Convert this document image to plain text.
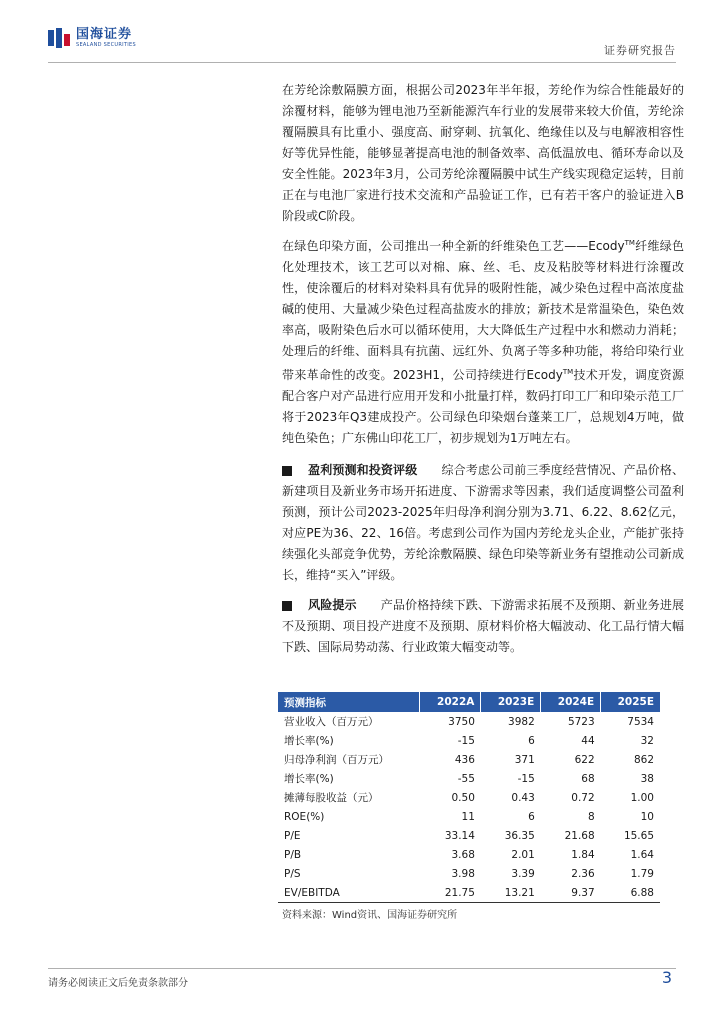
国海证券
SEALAND SECURITIES	证券研究报告

在芳纶涂敷隔膜方面，根据公司2023年半年报，芳纶作为综合性能最好的涂覆材料，能够为锂电池乃至新能源汽车行业的发展带来较大价值，芳纶涂覆隔膜具有比重小、强度高、耐穿刺、抗氧化、绝缘佳以及与电解液相容性好等优异性能，能够显著提高电池的制备效率、高低温放电、循环寿命以及安全性能。2023年3月，公司芳纶涂覆隔膜中试生产线实现稳定运转，目前正在与电池厂家进行技术交流和产品验证工作，已有若干客户的验证进入B阶段或C阶段。

在绿色印染方面，公司推出一种全新的纤维染色工艺——Ecody™纤维绿色化处理技术，该工艺可以对棉、麻、丝、毛、皮及粘胶等材料进行涂覆改性，使涂覆后的材料对染料具有优异的吸附性能，减少染色过程中高浓度盐碱的使用、大量减少染色过程高盐废水的排放；新技术是常温染色，染色效率高，吸附染色后水可以循环使用，大大降低生产过程中水和燃动力消耗；处理后的纤维、面料具有抗菌、远红外、负离子等多种功能，将给印染行业带来革命性的改变。2023H1，公司持续进行Ecody™技术开发，调度资源配合客户对产品进行应用开发和小批量打样，数码打印工厂和印染示范工厂将于2023年Q3建成投产。公司绿色印染烟台蓬莱工厂，总规划4万吨，做纯色染色；广东佛山印花工厂，初步规划为1万吨左右。

盈利预测和投资评级 综合考虑公司前三季度经营情况、产品价格、新建项目及新业务市场开拓进度、下游需求等因素，我们适度调整公司盈利预测，预计公司2023-2025年归母净利润分别为3.71、6.22、8.62亿元，对应PE为36、22、16倍。考虑到公司作为国内芳纶龙头企业，产能扩张持续强化头部竞争优势，芳纶涂敷隔膜、绿色印染等新业务有望推动公司新成长，维持“买入”评级。

风险提示 产品价格持续下跌、下游需求拓展不及预期、新业务进展不及预期、项目投产进度不及预期、原材料价格大幅波动、化工品行情大幅下跌、国际局势动荡、行业政策大幅变动等。

预测指标	2022A	2023E	2024E	2025E
营业收入（百万元）	3750	3982	5723	7534
增长率(%)	-15	6	44	32
归母净利润（百万元）	436	371	622	862
增长率(%)	-55	-15	68	38
摊薄每股收益（元）	0.50	0.43	0.72	1.00
ROE(%)	11	6	8	10
P/E	33.14	36.35	21.68	15.65
P/B	3.68	2.01	1.84	1.64
P/S	3.98	3.39	2.36	1.79
EV/EBITDA	21.75	13.21	9.37	6.88
资料来源：Wind资讯、国海证券研究所
请务必阅读正文后免责条款部分	3
